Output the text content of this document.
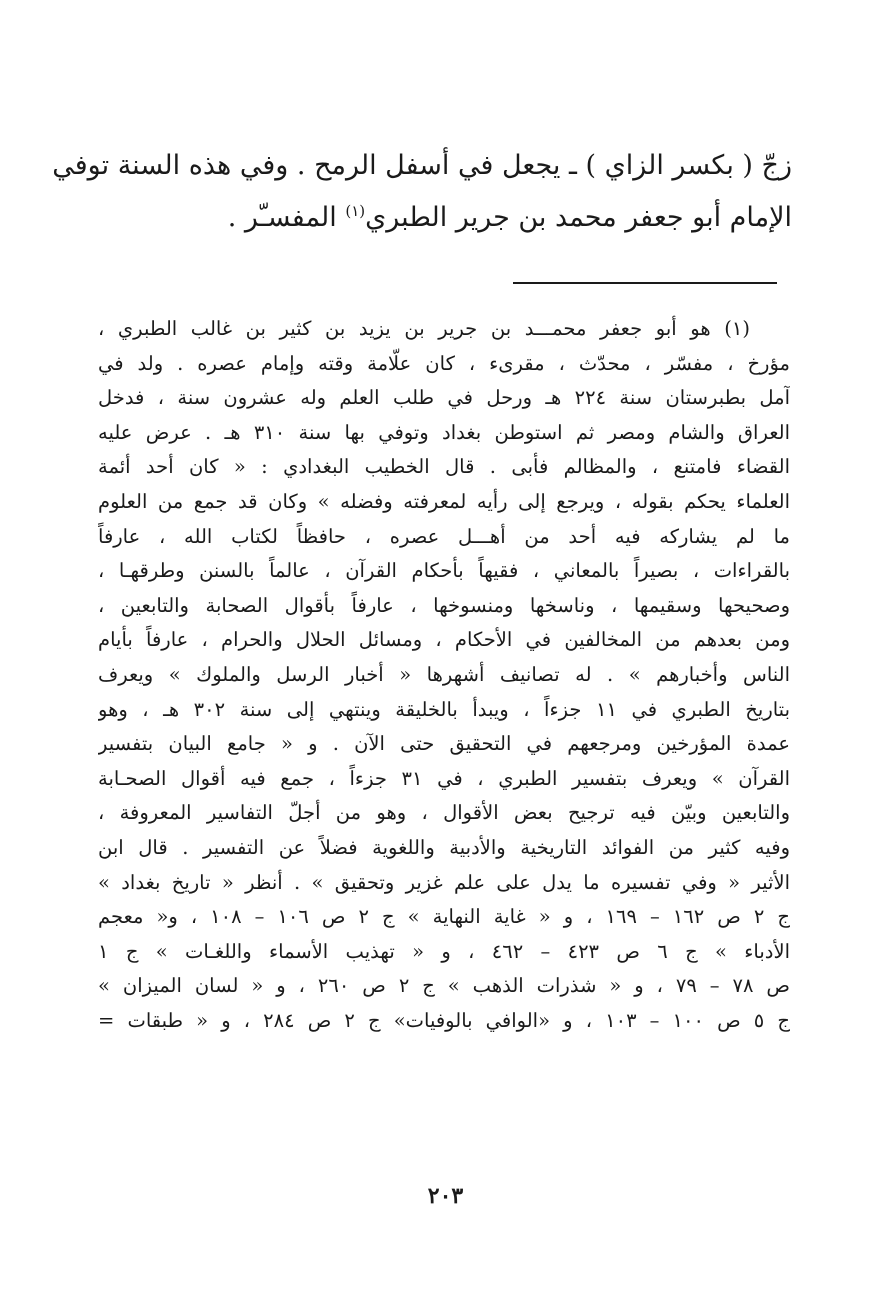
زجّ ( بكسر الزاي ) ـ يجعل في أسفل الرمح . وفي هذه السنة توفي
الإمام أبو جعفر محمد بن جرير الطبري$^{(١)}$ المفسـّر .
(١) هو أبو جعفر محمـــد بن جرير بن يزيد بن كثير بن غالب الطبري ،
مؤرخ ، مفسّر ، محدّث ، مقرىء ، كان علّامة وقته وإمام عصره . ولد في
آمل بطبرستان سنة ٢٢٤ هـ ورحل في طلب العلم وله عشرون سنة ، فدخل
العراق والشام ومصر ثم استوطن بغداد وتوفي بها سنة ٣١٠ هـ . عرض عليه
القضاء فامتنع ، والمظالم فأبى . قال الخطيب البغدادي : « كان أحد أئمة
العلماء يحكم بقوله ، ويرجع إلى رأيه لمعرفته وفضله » وكان قد جمع من العلوم
ما لم يشاركه فيه أحد من أهـــل عصره ، حافظاً لكتاب الله ، عارفاً
بالقراءات ، بصيراً بالمعاني ، فقيهاً بأحكام القرآن ، عالماً بالسنن وطرقهـا ،
وصحيحها وسقيمها ، وناسخها ومنسوخها ، عارفاً بأقوال الصحابة والتابعين ،
ومن بعدهم من المخالفين في الأحكام ، ومسائل الحلال والحرام ، عارفاً بأيام
الناس وأخبارهم » . له تصانيف أشهرها « أخبار الرسل والملوك » ويعرف
بتاريخ الطبري في ١١ جزءاً ، ويبدأ بالخليقة وينتهي إلى سنة ٣٠٢ هـ ، وهو
عمدة المؤرخين ومرجعهم في التحقيق حتى الآن . و « جامع البيان بتفسير
القرآن » ويعرف بتفسير الطبري ، في ٣١ جزءاً ، جمع فيه أقوال الصحـابة
والتابعين وبيّن فيه ترجيح بعض الأقوال ، وهو من أجلّ التفاسير المعروفة ،
وفيه كثير من الفوائد التاريخية والأدبية واللغوية فضلاً عن التفسير . قال ابن
الأثير « وفي تفسيره ما يدل على علم غزير وتحقيق » . أنظر « تاريخ بغداد »
ج ٢ ص ١٦٢ – ١٦٩ ، و « غاية النهاية » ج ٢ ص ١٠٦ – ١٠٨ ، و« معجم
الأدباء » ج ٦ ص ٤٢٣ – ٤٦٢ ، و « تهذيب الأسماء واللغـات » ج ١
ص ٧٨ – ٧٩ ، و « شذرات الذهب » ج ٢ ص ٢٦٠ ، و « لسان الميزان »
ج ٥ ص ١٠٠ – ١٠٣ ، و «الوافي بالوفيات» ج ٢ ص ٢٨٤ ، و « طبقات =
٢٠٣
